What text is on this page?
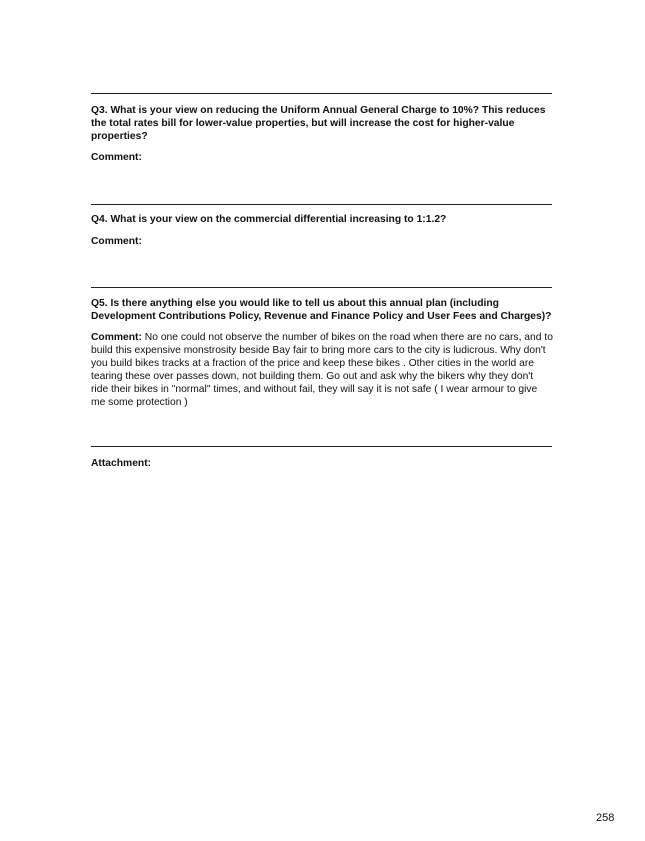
Q3. What is your view on reducing the Uniform Annual General Charge to 10%? This reduces the total rates bill for lower-value properties, but will increase the cost for higher-value properties?

Comment:

Q4. What is your view on the commercial differential increasing to 1:1.2?

Comment:

Q5. Is there anything else you would like to tell us about this annual plan (including Development Contributions Policy, Revenue and Finance Policy and User Fees and Charges)?

Comment: No one could not observe the number of bikes on the road when there are no cars, and to build this expensive monstrosity beside Bay fair to bring more cars to the city is ludicrous. Why don't you build bikes tracks at a fraction of the price and keep these bikes . Other cities in the world are tearing these over passes down, not building them. Go out and ask why the bikers why they don't ride their bikes in "normal" times, and without fail, they will say it is not safe ( I wear armour to give me some protection )

Attachment:

258
